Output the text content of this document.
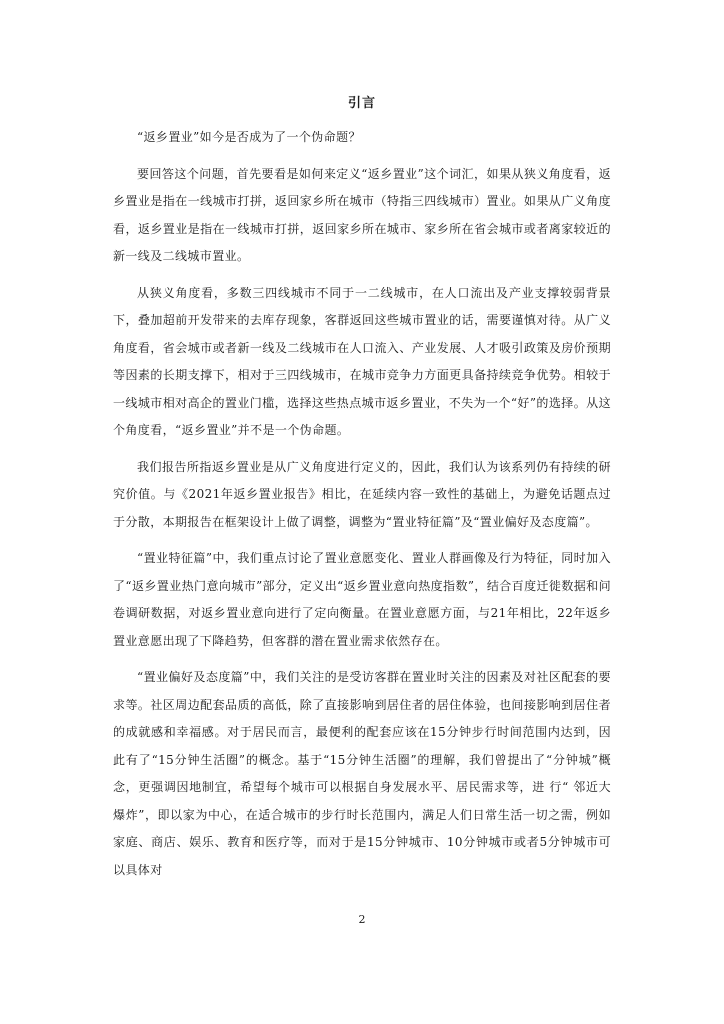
引言

“返乡置业”如今是否成为了一个伪命题？

要回答这个问题，首先要看是如何来定义“返乡置业”这个词汇，如果从狭义角度看，返乡置业是指在一线城市打拼，返回家乡所在城市（特指三四线城市）置业。如果从广义角度看，返乡置业是指在一线城市打拼，返回家乡所在城市、家乡所在省会城市或者离家较近的新一线及二线城市置业。

从狭义角度看，多数三四线城市不同于一二线城市，在人口流出及产业支撑较弱背景下，叠加超前开发带来的去库存现象，客群返回这些城市置业的话，需要谨慎对待。从广义角度看，省会城市或者新一线及二线城市在人口流入、产业发展、人才吸引政策及房价预期等因素的长期支撑下，相对于三四线城市，在城市竞争力方面更具备持续竞争优势。相较于一线城市相对高企的置业门槛，选择这些热点城市返乡置业，不失为一个“好”的选择。从这个角度看，“返乡置业”并不是一个伪命题。

我们报告所指返乡置业是从广义角度进行定义的，因此，我们认为该系列仍有持续的研究价值。与《2021年返乡置业报告》相比，在延续内容一致性的基础上，为避免话题点过于分散，本期报告在框架设计上做了调整，调整为“置业特征篇”及“置业偏好及态度篇”。

“置业特征篇”中，我们重点讨论了置业意愿变化、置业人群画像及行为特征，同时加入了“返乡置业热门意向城市”部分，定义出“返乡置业意向热度指数”，结合百度迁徙数据和问卷调研数据，对返乡置业意向进行了定向衡量。在置业意愿方面，与21年相比，22年返乡置业意愿出现了下降趋势，但客群的潜在置业需求依然存在。

“置业偏好及态度篇”中，我们关注的是受访客群在置业时关注的因素及对社区配套的要求等。社区周边配套品质的高低，除了直接影响到居住者的居住体验，也间接影响到居住者的成就感和幸福感。对于居民而言，最便利的配套应该在15分钟步行时间范围内达到，因此有了“15分钟生活圈”的概念。基于“15分钟生活圈”的理解，我们曾提出了“分钟城”概念，更强调因地制宜，希望每个城市可以根据自身发展水平、居民需求等，进 行“ 邻近大爆炸”，即以家为中心，在适合城市的步行时长范围内，满足人们日常生活一切之需，例如家庭、商店、娱乐、教育和医疗等，而对于是15分钟城市、10分钟城市或者5分钟城市可以具体对

2
